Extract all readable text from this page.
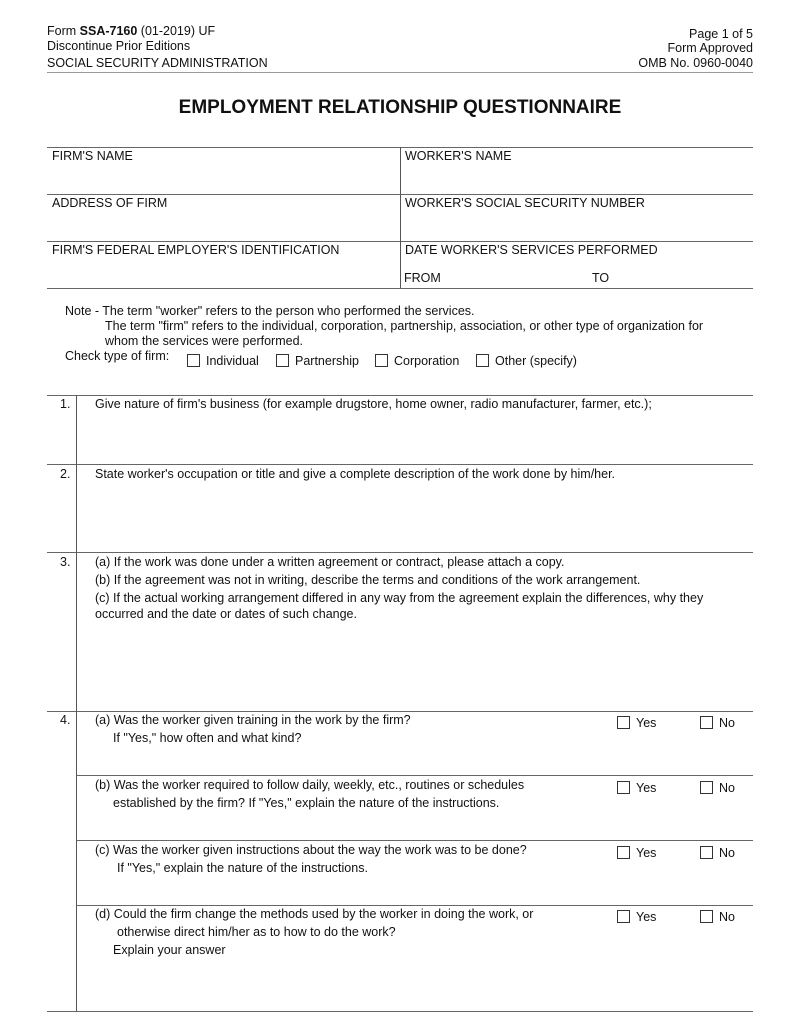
Form SSA-7160 (01-2019) UF
Discontinue Prior Editions
SOCIAL SECURITY ADMINISTRATION
Page 1 of 5
Form Approved
OMB No. 0960-0040
EMPLOYMENT RELATIONSHIP QUESTIONNAIRE
FIRM'S NAME	WORKER'S NAME
ADDRESS OF FIRM	WORKER'S SOCIAL SECURITY NUMBER
FIRM'S FEDERAL EMPLOYER'S IDENTIFICATION	DATE WORKER'S SERVICES PERFORMED
FROM	TO
Note - The term "worker" refers to the person who performed the services.
The term "firm" refers to the individual, corporation, partnership, association, or other type of organization for
whom the services were performed.
Check type of firm:	Individual	Partnership	Corporation	Other (specify)
1. Give nature of firm's business (for example drugstore, home owner, radio manufacturer, farmer, etc.);
2. State worker's occupation or title and give a complete description of the work done by him/her.
3. (a) If the work was done under a written agreement or contract, please attach a copy.
(b) If the agreement was not in writing, describe the terms and conditions of the work arrangement.
(c) If the actual working arrangement differed in any way from the agreement explain the differences, why they
occurred and the date or dates of such change.
4. (a) Was the worker given training in the work by the firm?
If "Yes," how often and what kind?
(b) Was the worker required to follow daily, weekly, etc., routines or schedules
established by the firm? If "Yes," explain the nature of the instructions.
(c) Was the worker given instructions about the way the work was to be done?
If "Yes," explain the nature of the instructions.
(d) Could the firm change the methods used by the worker in doing the work, or
otherwise direct him/her as to how to do the work?
Explain your answer
Yes	No
Yes	No
Yes	No
Yes	No
